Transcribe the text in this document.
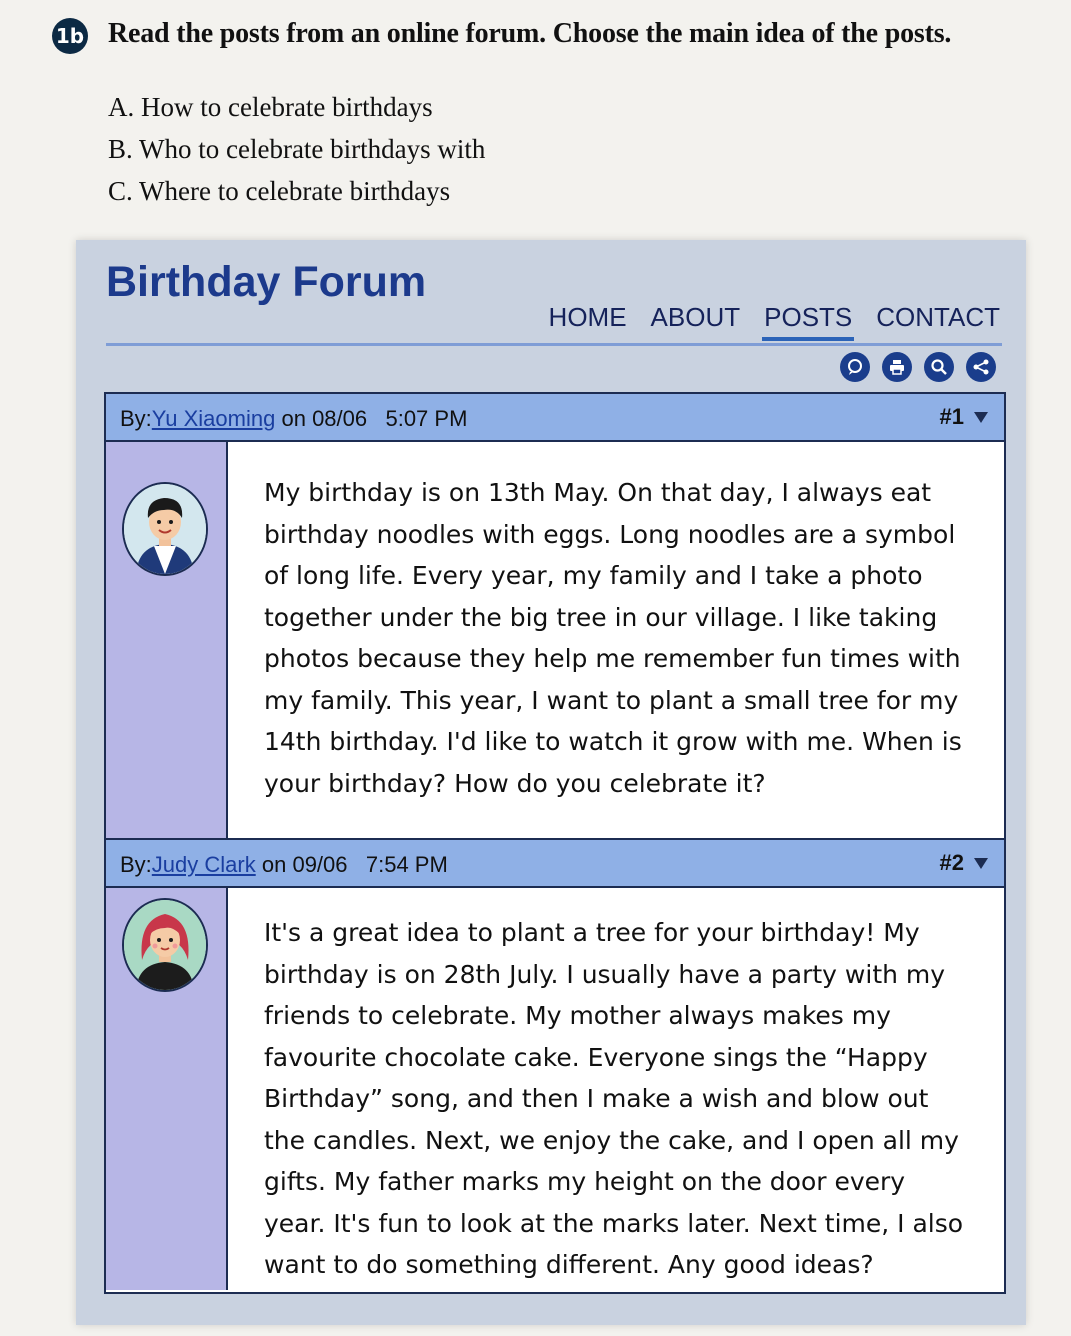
1b Read the posts from an online forum. Choose the main idea of the posts.
A. How to celebrate birthdays
B. Who to celebrate birthdays with
C. Where to celebrate birthdays
Birthday Forum
HOME ABOUT POSTS CONTACT
By:Yu Xiaoming on 08/06 5:07 PM	#1
My birthday is on 13th May. On that day, I always eat birthday noodles with eggs. Long noodles are a symbol of long life. Every year, my family and I take a photo together under the big tree in our village. I like taking photos because they help me remember fun times with my family. This year, I want to plant a small tree for my 14th birthday. I'd like to watch it grow with me. When is your birthday? How do you celebrate it?
By:Judy Clark on 09/06 7:54 PM	#2
It's a great idea to plant a tree for your birthday! My birthday is on 28th July. I usually have a party with my friends to celebrate. My mother always makes my favourite chocolate cake. Everyone sings the “Happy Birthday” song, and then I make a wish and blow out the candles. Next, we enjoy the cake, and I open all my gifts. My father marks my height on the door every year. It's fun to look at the marks later. Next time, I also want to do something different. Any good ideas?
